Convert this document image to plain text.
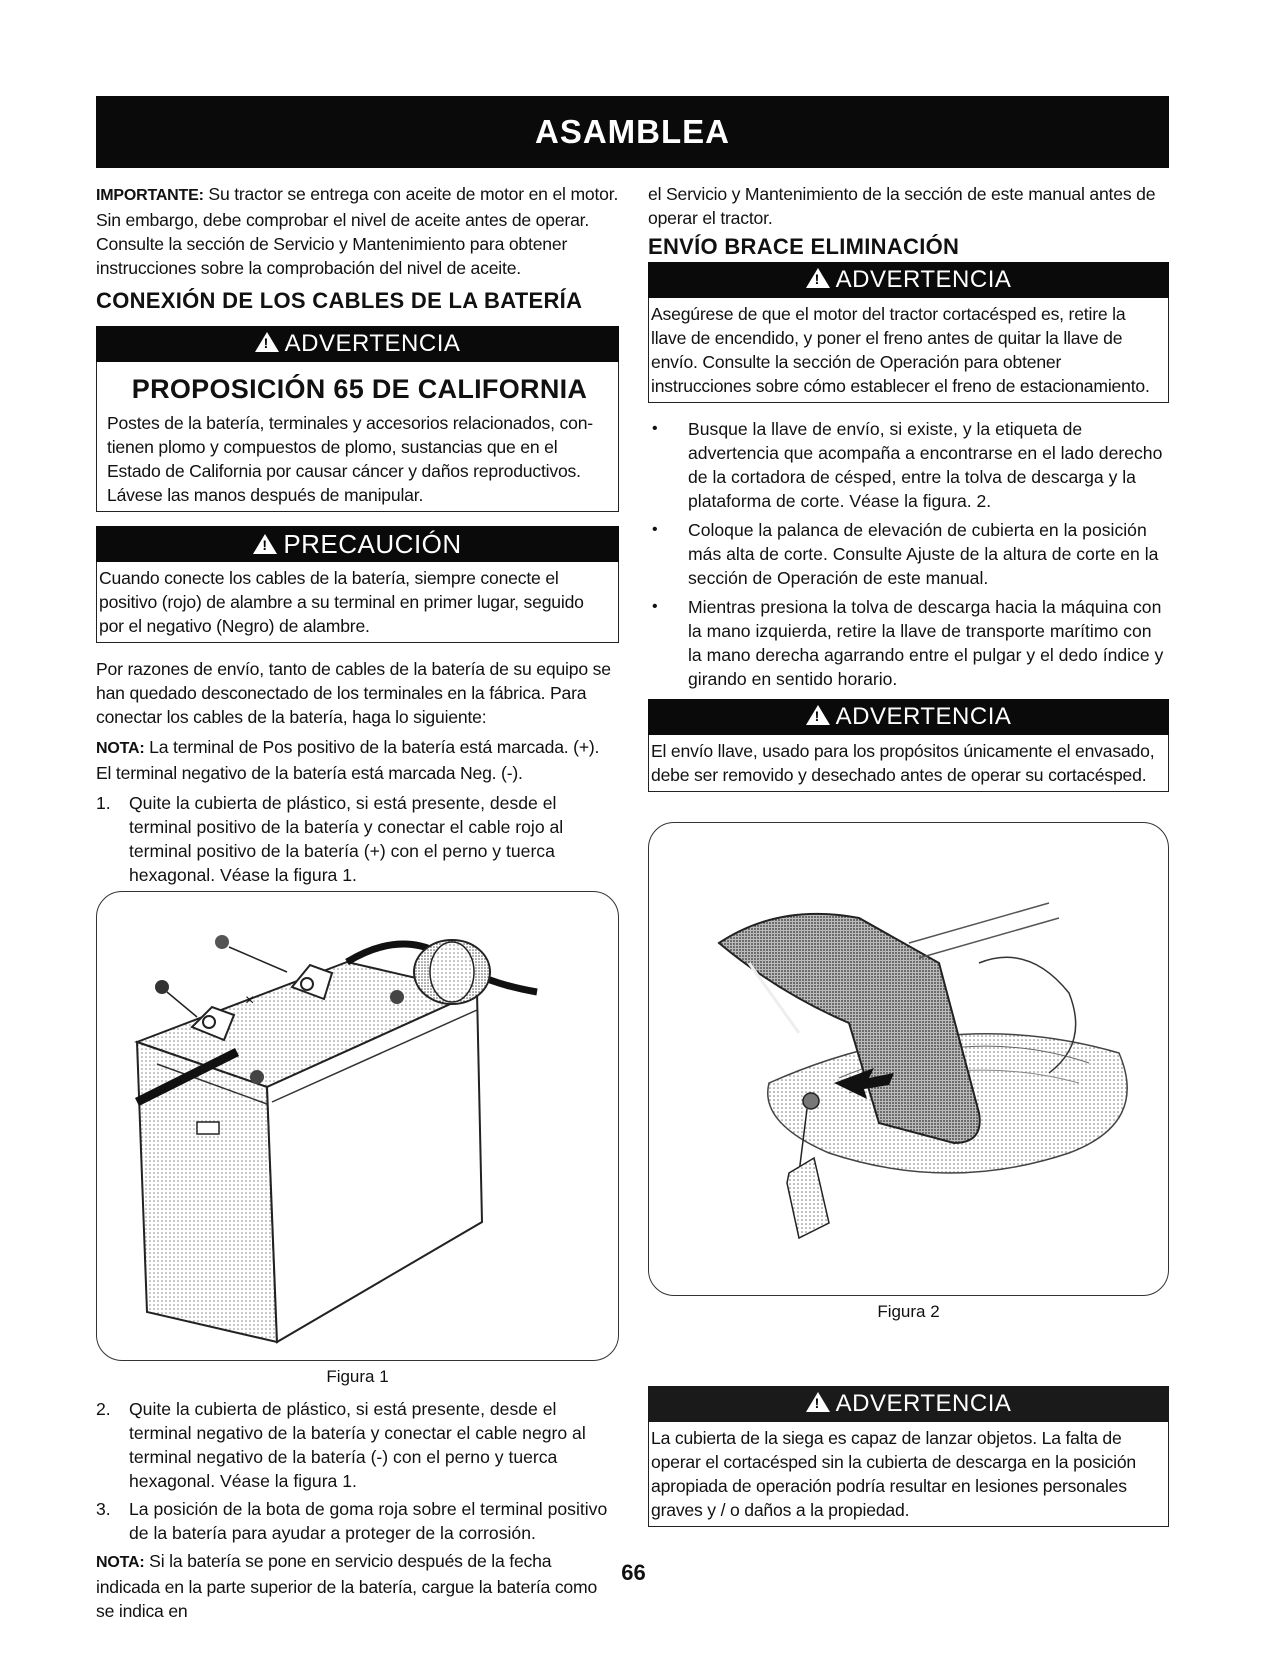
ASAMBLEA

IMPORTANTE: Su tractor se entrega con aceite de motor en el motor. Sin embargo, debe comprobar el nivel de aceite antes de operar. Consulte la sección de Servicio y Mantenimiento para obtener instrucciones sobre la comprobación del nivel de aceite.

CONEXIÓN DE LOS CABLES DE LA BATERÍA
!ADVERTENCIA
PROPOSICIÓN 65 DE CALIFORNIA

Postes de la batería, terminales y accesorios relacionados, con-tienen plomo y compuestos de plomo, sustancias que en el Estado de California por causar cáncer y daños reproductivos. Lávese las manos después de manipular.

!PRECAUCIÓN

Cuando conecte los cables de la batería, siempre conecte el positivo (rojo) de alambre a su terminal en primer lugar, seguido por el negativo (Negro) de alambre.

Por razones de envío, tanto de cables de la batería de su equipo se han quedado desconectado de los terminales en la fábrica. Para conectar los cables de la batería, haga lo siguiente:

NOTA: La terminal de Pos positivo de la batería está marcada. (+). El terminal negativo de la batería está marcada Neg. (-).

1.	Quite la cubierta de plástico, si está presente, desde el terminal positivo de la batería y conectar el cable rojo al terminal positivo de la batería (+) con el perno y tuerca hexagonal. Véase la figura 1.
×
Figura 1
2.	Quite la cubierta de plástico, si está presente, desde el terminal negativo de la batería y conectar el cable negro al terminal negativo de la batería (-) con el perno y tuerca hexagonal. Véase la figura 1.
3.	La posición de la bota de goma roja sobre el terminal positivo de la batería para ayudar a proteger de la corrosión.

NOTA: Si la batería se pone en servicio después de la fecha indicada en la parte superior de la batería, cargue la batería como se indica en

el Servicio y Mantenimiento de la sección de este manual antes de operar el tractor.

ENVÍO BRACE ELIMINACIÓN
!ADVERTENCIA

Asegúrese de que el motor del tractor cortacésped es, retire la llave de encendido, y poner el freno antes de quitar la llave de envío. Consulte la sección de Operación para obtener instrucciones sobre cómo establecer el freno de estacionamiento.

•	Busque la llave de envío, si existe, y la etiqueta de advertencia que acompaña a encontrarse en el lado derecho de la cortadora de césped, entre la tolva de descarga y la plataforma de corte. Véase la figura. 2.
•	Coloque la palanca de elevación de cubierta en la posición más alta de corte. Consulte Ajuste de la altura de corte en la sección de Operación de este manual.
•	Mientras presiona la tolva de descarga hacia la máquina con la mano izquierda, retire la llave de transporte marítimo con la mano derecha agarrando entre el pulgar y el dedo índice y girando en sentido horario.
!ADVERTENCIA

El envío llave, usado para los propósitos únicamente el envasado, debe ser removido y desechado antes de operar su cortacésped.

Figura 2
!ADVERTENCIA

La cubierta de la siega es capaz de lanzar objetos. La falta de operar el cortacésped sin la cubierta de descarga en la posición apropiada de operación podría resultar en lesiones personales graves y / o daños a la propiedad.

66
